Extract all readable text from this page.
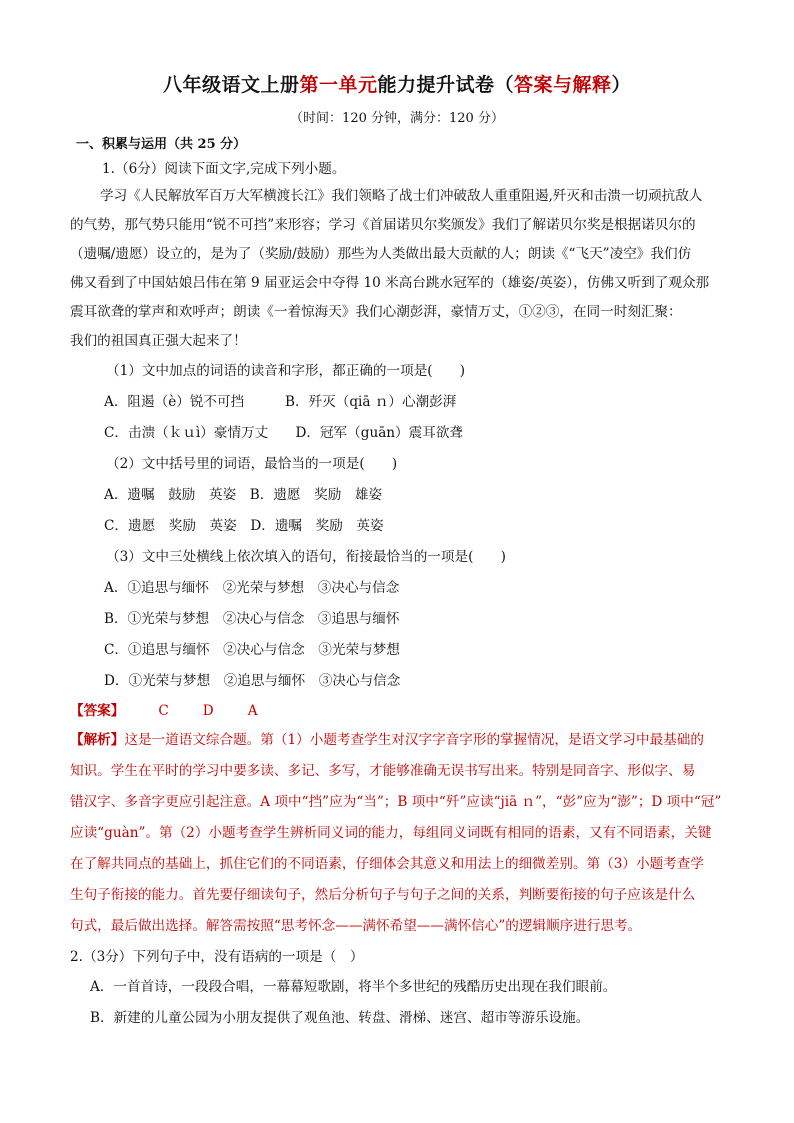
八年级语文上册第一单元能力提升试卷（答案与解释）
（时间：120 分钟，满分：120 分）
一、积累与运用（共 25 分）
1.（6分）阅读下面文字,完成下列小题。
学习《人民解放军百万大军横渡长江》我们领略了战士们冲破敌人重重阻遏,歼灭和击溃一切顽抗敌人
的气势，那气势只能用“锐不可挡”来形容；学习《首届诺贝尔奖颁发》我们了解诺贝尔奖是根据诺贝尔的
（遗嘱/遗愿）设立的，是为了（奖励/鼓励）那些为人类做出最大贡献的人；朗读《“飞天”凌空》我们仿
佛又看到了中国姑娘吕伟在第 9 届亚运会中夺得 10 米高台跳水冠军的（雄姿/英姿），仿佛又听到了观众那
震耳欲聋的掌声和欢呼声；朗读《一着惊海天》我们心潮彭湃，豪情万丈，①②③，在同一时刻汇聚：
我们的祖国真正强大起来了！
（1）文中加点的词语的读音和字形，都正确的一项是(　　)
A．阻遏（è）锐不可挡　　　B．歼灭（qiā ｎ）心潮彭湃
C．击溃（ｋｕì）豪情万丈　　D．冠军（guān）震耳欲聋
（2）文中括号里的词语，最恰当的一项是(　　)
A．遗嘱　鼓励　英姿　B．遗愿　奖励　雄姿
C．遗愿　奖励　英姿　D．遗嘱　奖励　英姿
（3）文中三处横线上依次填入的语句，衔接最恰当的一项是(　　)
A．①追思与缅怀　②光荣与梦想　③决心与信念
B．①光荣与梦想　②决心与信念　③追思与缅怀
C．①追思与缅怀　②决心与信念　③光荣与梦想
D．①光荣与梦想　②追思与缅怀　③决心与信念
【答案】	C	D	A
【解析】这是一道语文综合题。第（1）小题考查学生对汉字字音字形的掌握情况，是语文学习中最基础的
知识。学生在平时的学习中要多读、多记、多写，才能够准确无误书写出来。特别是同音字、形似字、易
错汉字、多音字更应引起注意。A 项中“挡”应为“当”；B 项中“歼”应读“jiā ｎ”，“彭”应为“澎”；D 项中“冠”
应读“guàn”。第（2）小题考查学生辨析同义词的能力，每组同义词既有相同的语素，又有不同语素，关键
在了解共同点的基础上，抓住它们的不同语素，仔细体会其意义和用法上的细微差别。第（3）小题考查学
生句子衔接的能力。首先要仔细读句子，然后分析句子与句子之间的关系，判断要衔接的句子应该是什么
句式，最后做出选择。解答需按照“思考怀念——满怀希望——满怀信心”的逻辑顺序进行思考。
2.（3分）下列句子中，没有语病的一项是（　）
A．一首首诗，一段段合唱，一幕幕短歌剧，将半个多世纪的残酷历史出现在我们眼前。
B．新建的儿童公园为小朋友提供了观鱼池、转盘、滑梯、迷宫、超市等游乐设施。
